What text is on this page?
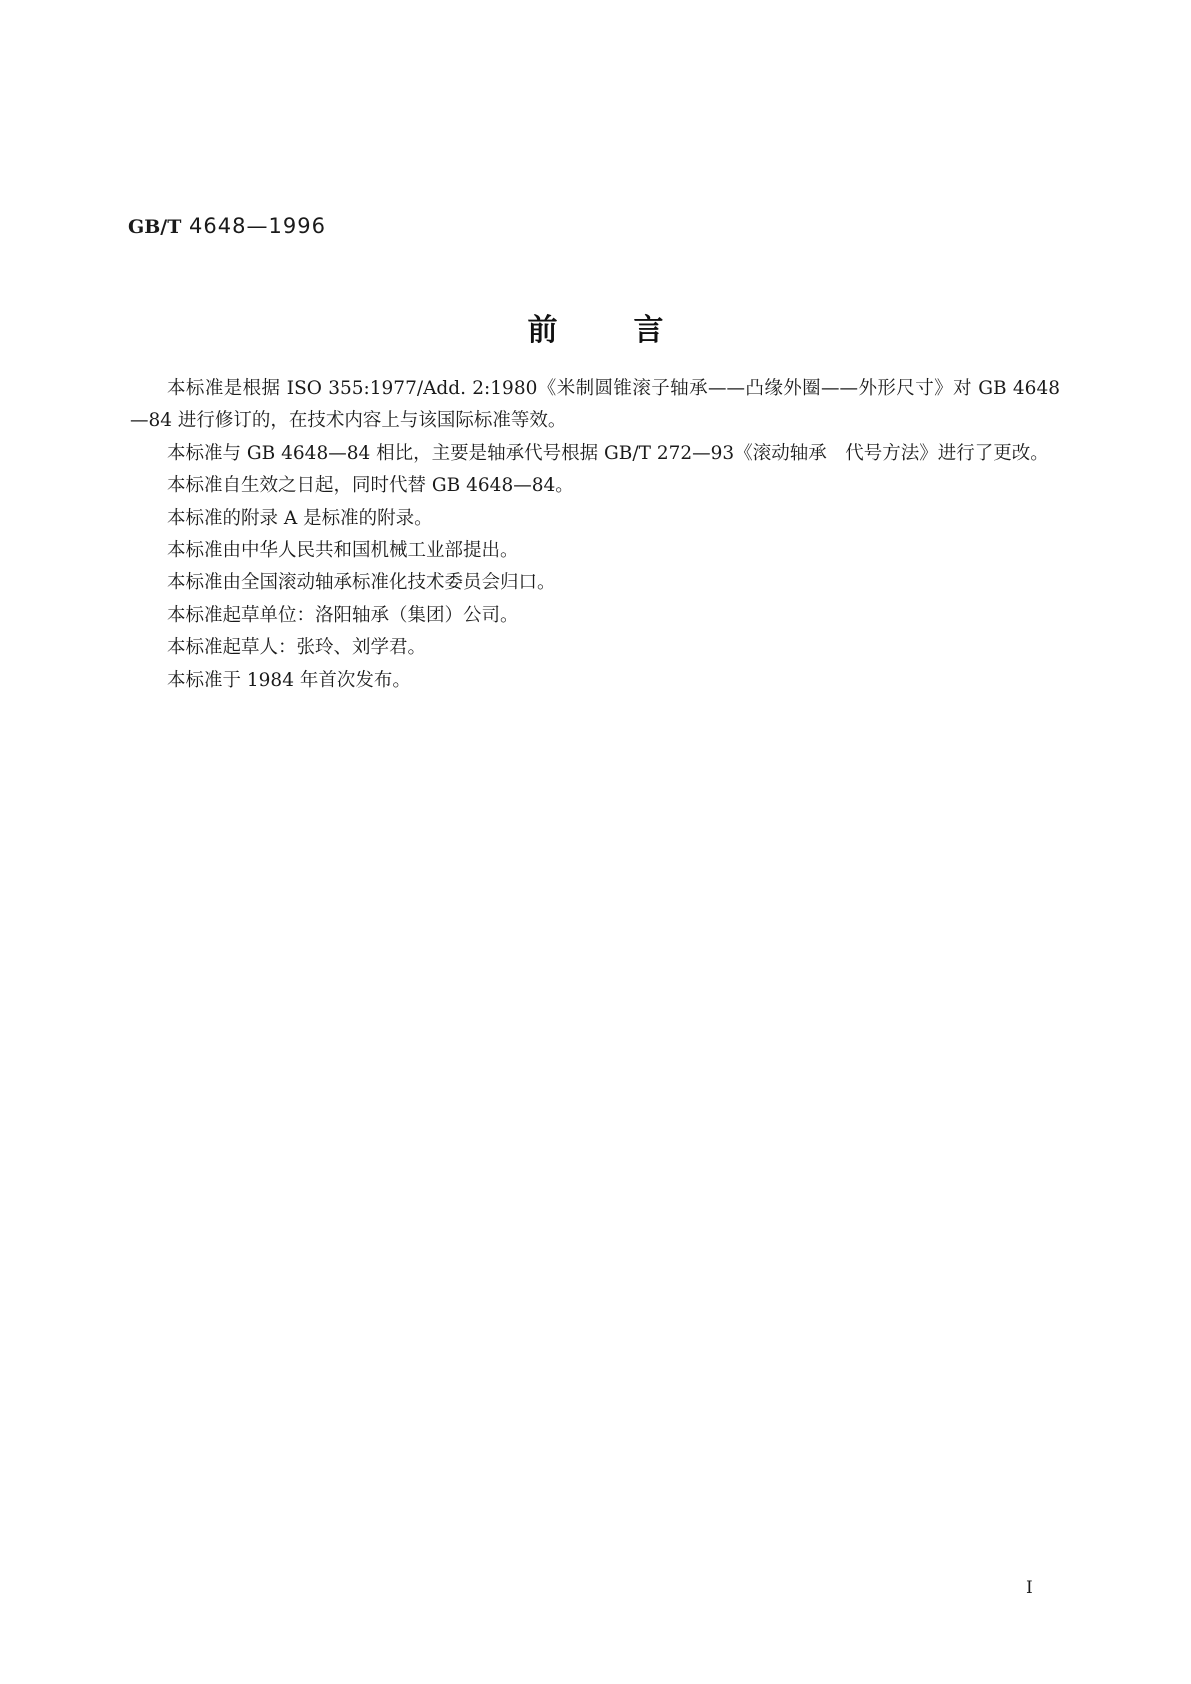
GB/T 4648—1996
前言

本标准是根据 ISO 355:1977/Add. 2:1980《米制圆锥滚子轴承——凸缘外圈——外形尺寸》对 GB 4648—84 进行修订的，在技术内容上与该国际标准等效。

本标准与 GB 4648—84 相比，主要是轴承代号根据 GB/T 272—93《滚动轴承　代号方法》进行了更改。

本标准自生效之日起，同时代替 GB 4648—84。

本标准的附录 A 是标准的附录。

本标准由中华人民共和国机械工业部提出。

本标准由全国滚动轴承标准化技术委员会归口。

本标准起草单位：洛阳轴承（集团）公司。

本标准起草人：张玲、刘学君。

本标准于 1984 年首次发布。

I
